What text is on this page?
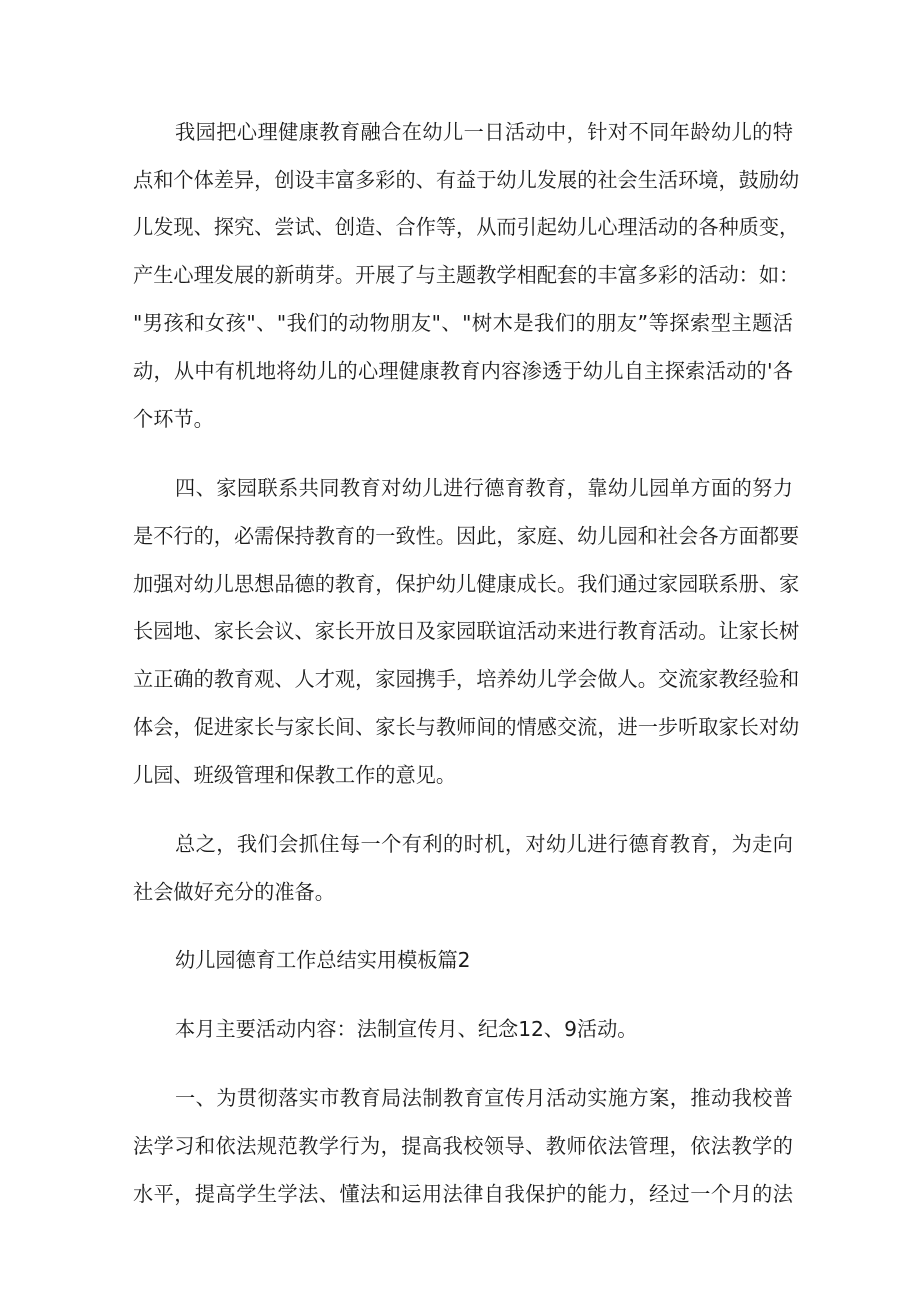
我园把心理健康教育融合在幼儿一日活动中，针对不同年龄幼儿的特
点和个体差异，创设丰富多彩的、有益于幼儿发展的社会生活环境，鼓励幼
儿发现、探究、尝试、创造、合作等，从而引起幼儿心理活动的各种质变，
产生心理发展的新萌芽。开展了与主题教学相配套的丰富多彩的活动：如：
"男孩和女孩"、"我们的动物朋友"、"树木是我们的朋友”等探索型主题活
动，从中有机地将幼儿的心理健康教育内容渗透于幼儿自主探索活动的'各
个环节。
四、家园联系共同教育对幼儿进行德育教育，靠幼儿园单方面的努力
是不行的，必需保持教育的一致性。因此，家庭、幼儿园和社会各方面都要
加强对幼儿思想品德的教育，保护幼儿健康成长。我们通过家园联系册、家
长园地、家长会议、家长开放日及家园联谊活动来进行教育活动。让家长树
立正确的教育观、人才观，家园携手，培养幼儿学会做人。交流家教经验和
体会，促进家长与家长间、家长与教师间的情感交流，进一步听取家长对幼
儿园、班级管理和保教工作的意见。
总之，我们会抓住每一个有利的时机，对幼儿进行德育教育，为走向
社会做好充分的准备。
幼儿园德育工作总结实用模板篇2
本月主要活动内容：法制宣传月、纪念12、9活动。
一、为贯彻落实市教育局法制教育宣传月活动实施方案，推动我校普
法学习和依法规范教学行为，提高我校领导、教师依法管理，依法教学的
水平，提高学生学法、懂法和运用法律自我保护的能力，经过一个月的法
